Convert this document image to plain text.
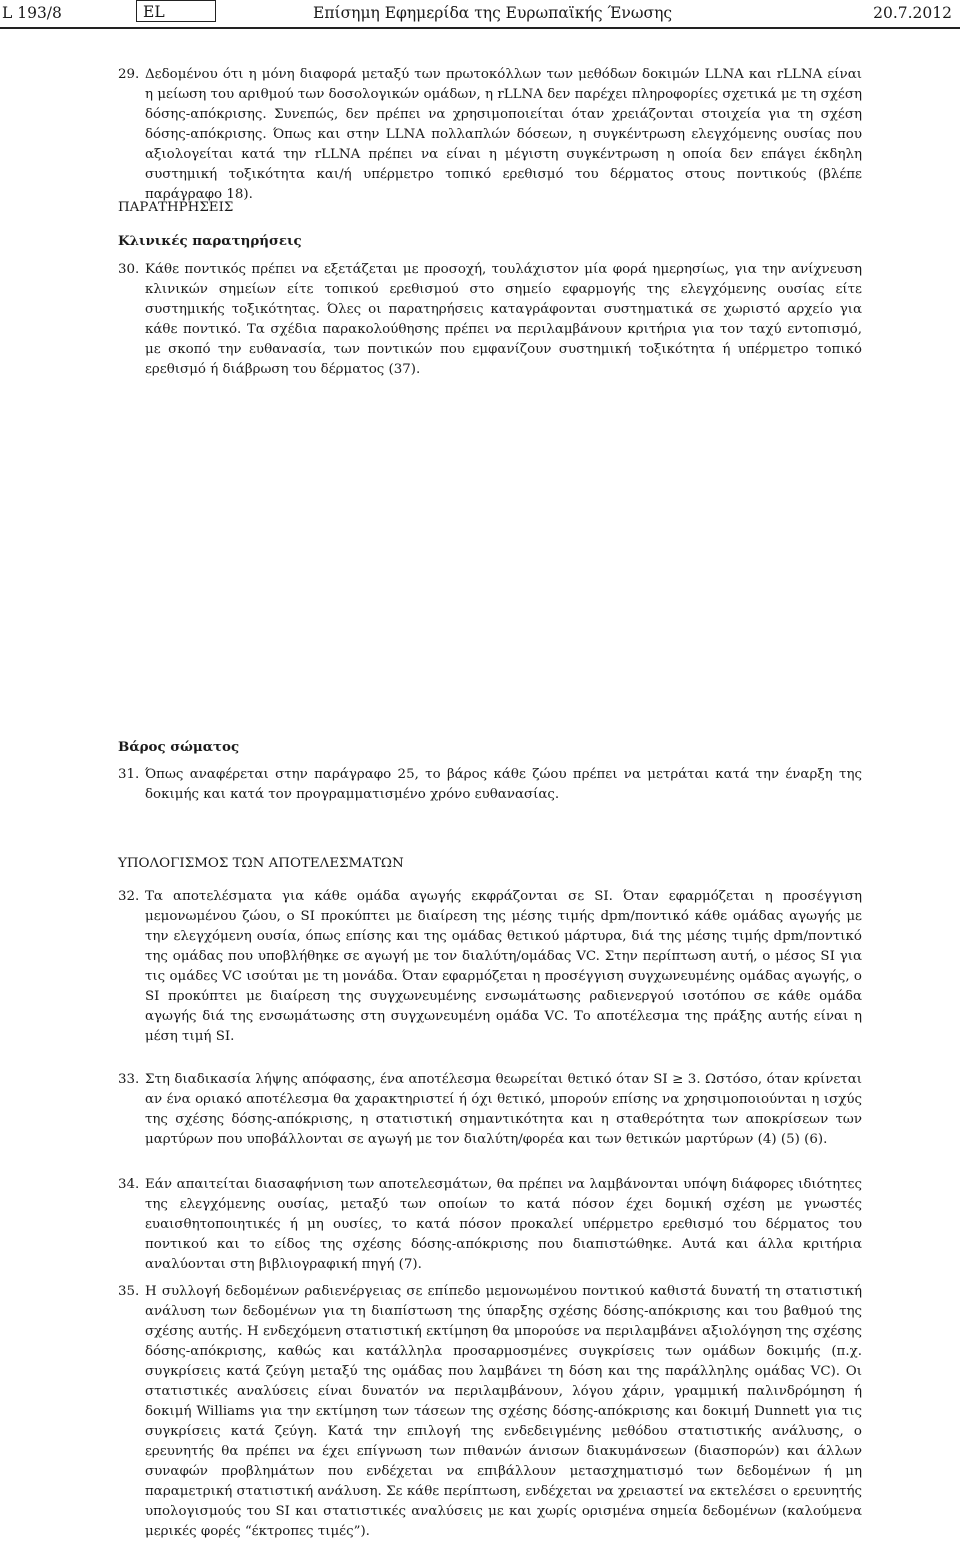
L 193/8	EL	Επίσημη Εφημερίδα της Ευρωπαϊκής Ένωσης	20.7.2012
29. Δεδομένου ότι η μόνη διαφορά μεταξύ των πρωτοκόλλων των μεθόδων δοκιμών LLNA και rLLNA είναι η μείωση του αριθμού των δοσολογικών ομάδων, η rLLNA δεν παρέχει πληροφορίες σχετικά με τη σχέση δόσης-απόκρισης. Συνεπώς, δεν πρέπει να χρησιμοποιείται όταν χρειάζονται στοιχεία για τη σχέση δόσης-απόκρισης. Όπως και στην LLNA πολλαπλών δόσεων, η συγκέντρωση ελεγχόμενης ουσίας που αξιολογείται κατά την rLLNA πρέπει να είναι η μέγιστη συγκέντρωση η οποία δεν επάγει έκδηλη συστημική τοξικότητα και/ή υπέρμετρο τοπικό ερεθισμό του δέρματος στους ποντικούς (βλέπε παράγραφο 18).
ΠΑΡΑΤΗΡΗΣΕΙΣ
Κλινικές παρατηρήσεις
30. Κάθε ποντικός πρέπει να εξετάζεται με προσοχή, τουλάχιστον μία φορά ημερησίως, για την ανίχνευση κλινικών σημείων είτε τοπικού ερεθισμού στο σημείο εφαρμογής της ελεγχόμενης ουσίας είτε συστημικής τοξικότητας. Όλες οι παρατηρήσεις καταγράφονται συστηματικά σε χωριστό αρχείο για κάθε ποντικό. Τα σχέδια παρακολούθησης πρέπει να περιλαμβάνουν κριτήρια για τον ταχύ εντοπισμό, με σκοπό την ευθανασία, των ποντικών που εμφανίζουν συστημική τοξικότητα ή υπέρμετρο τοπικό ερεθισμό ή διάβρωση του δέρματος (37).
Βάρος σώματος
31. Όπως αναφέρεται στην παράγραφο 25, το βάρος κάθε ζώου πρέπει να μετράται κατά την έναρξη της δοκιμής και κατά τον προγραμματισμένο χρόνο ευθανασίας.
ΥΠΟΛΟΓΙΣΜΟΣ ΤΩΝ ΑΠΟΤΕΛΕΣΜΑΤΩΝ
32. Τα αποτελέσματα για κάθε ομάδα αγωγής εκφράζονται σε SI. Όταν εφαρμόζεται η προσέγγιση μεμονωμένου ζώου, ο SI προκύπτει με διαίρεση της μέσης τιμής dpm/ποντικό κάθε ομάδας αγωγής με την ελεγχόμενη ουσία, όπως επίσης και της ομάδας θετικού μάρτυρα, διά της μέσης τιμής dpm/ποντικό της ομάδας που υποβλήθηκε σε αγωγή με τον διαλύτη/ομάδας VC. Στην περίπτωση αυτή, ο μέσος SI για τις ομάδες VC ισούται με τη μονάδα. Όταν εφαρμόζεται η προσέγγιση συγχωνευμένης ομάδας αγωγής, ο SI προκύπτει με διαίρεση της συγχωνευμένης ενσωμάτωσης ραδιενεργού ισοτόπου σε κάθε ομάδα αγωγής διά της ενσωμάτωσης στη συγχωνευμένη ομάδα VC. Το αποτέλεσμα της πράξης αυτής είναι η μέση τιμή SI.
33. Στη διαδικασία λήψης απόφασης, ένα αποτέλεσμα θεωρείται θετικό όταν SI ≥ 3. Ωστόσο, όταν κρίνεται αν ένα οριακό αποτέλεσμα θα χαρακτηριστεί ή όχι θετικό, μπορούν επίσης να χρησιμοποιούνται η ισχύς της σχέσης δόσης-απόκρισης, η στατιστική σημαντικότητα και η σταθερότητα των αποκρίσεων των μαρτύρων που υποβάλλονται σε αγωγή με τον διαλύτη/φορέα και των θετικών μαρτύρων (4) (5) (6).
34. Εάν απαιτείται διασαφήνιση των αποτελεσμάτων, θα πρέπει να λαμβάνονται υπόψη διάφορες ιδιότητες της ελεγχόμενης ουσίας, μεταξύ των οποίων το κατά πόσον έχει δομική σχέση με γνωστές ευαισθητοποιητικές ή μη ουσίες, το κατά πόσον προκαλεί υπέρμετρο ερεθισμό του δέρματος του ποντικού και το είδος της σχέσης δόσης-απόκρισης που διαπιστώθηκε. Αυτά και άλλα κριτήρια αναλύονται στη βιβλιογραφική πηγή (7).
35. Η συλλογή δεδομένων ραδιενέργειας σε επίπεδο μεμονωμένου ποντικού καθιστά δυνατή τη στατιστική ανάλυση των δεδομένων για τη διαπίστωση της ύπαρξης σχέσης δόσης-απόκρισης και του βαθμού της σχέσης αυτής. Η ενδεχόμενη στατιστική εκτίμηση θα μπορούσε να περιλαμβάνει αξιολόγηση της σχέσης δόσης-απόκρισης, καθώς και κατάλληλα προσαρμοσμένες συγκρίσεις των ομάδων δοκιμής (π.χ. συγκρίσεις κατά ζεύγη μεταξύ της ομάδας που λαμβάνει τη δόση και της παράλληλης ομάδας VC). Οι στατιστικές αναλύσεις είναι δυνατόν να περιλαμβάνουν, λόγου χάριν, γραμμική παλινδρόμηση ή δοκιμή Williams για την εκτίμηση των τάσεων της σχέσης δόσης-απόκρισης και δοκιμή Dunnett για τις συγκρίσεις κατά ζεύγη. Κατά την επιλογή της ενδεδειγμένης μεθόδου στατιστικής ανάλυσης, ο ερευνητής θα πρέπει να έχει επίγνωση των πιθανών άνισων διακυμάνσεων (διασπορών) και άλλων συναφών προβλημάτων που ενδέχεται να επιβάλλουν μετασχηματισμό των δεδομένων ή μη παραμετρική στατιστική ανάλυση. Σε κάθε περίπτωση, ενδέχεται να χρειαστεί να εκτελέσει ο ερευνητής υπολογισμούς του SI και στατιστικές αναλύσεις με και χωρίς ορισμένα σημεία δεδομένων (καλούμενα μερικές φορές “έκτροπες τιμές”).
